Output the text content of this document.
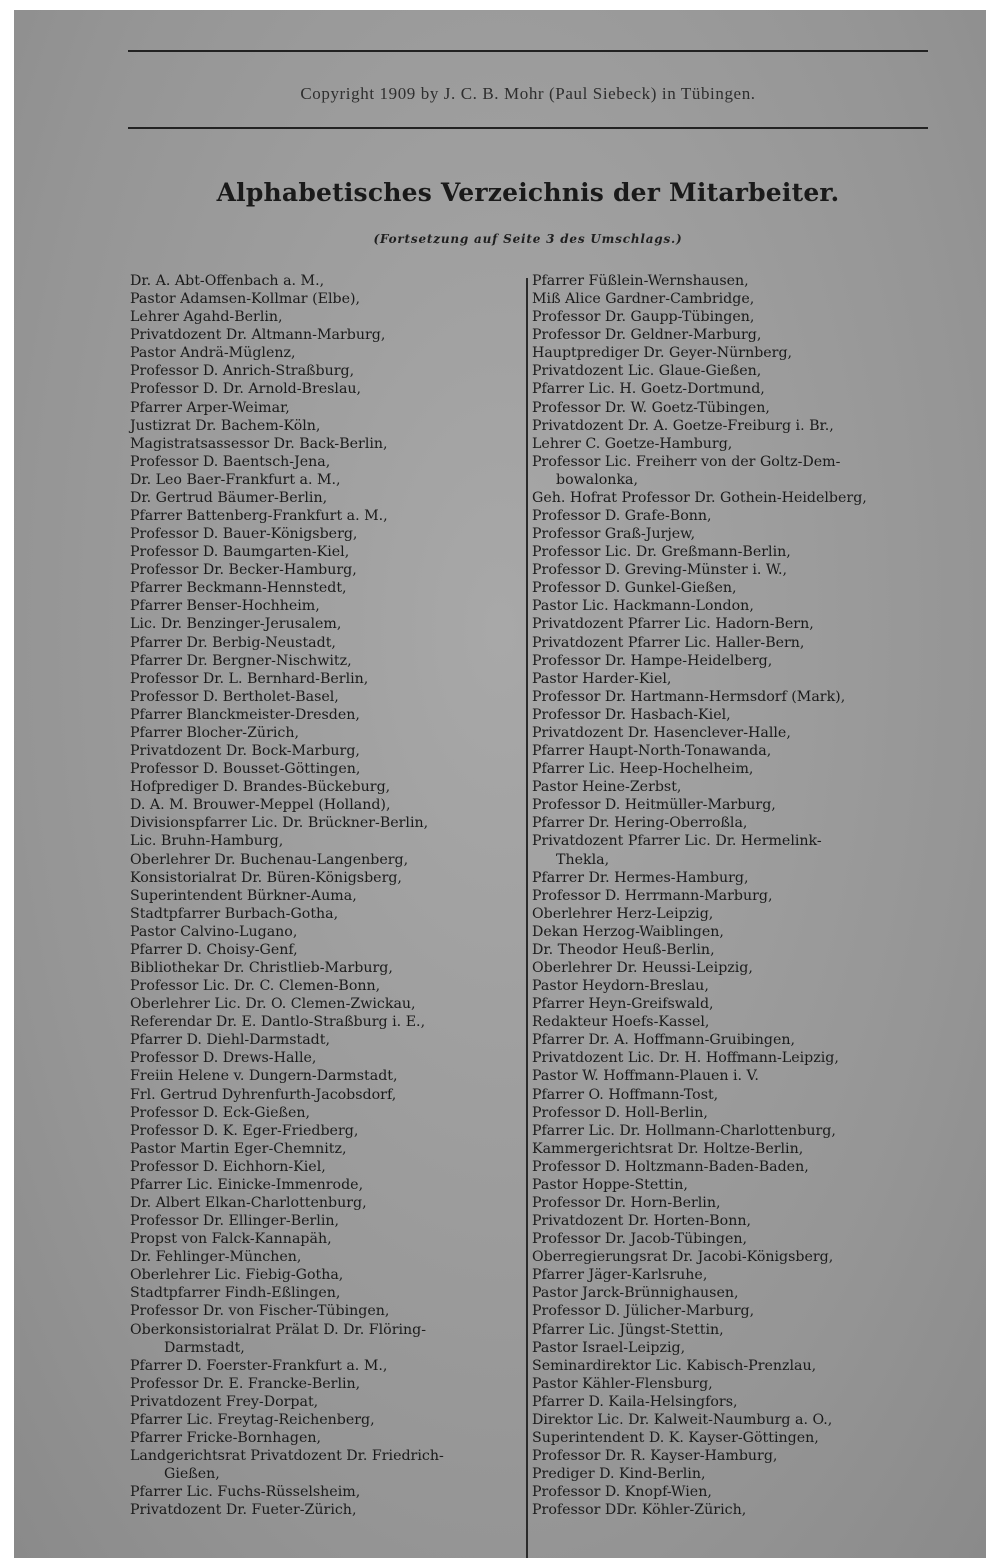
Copyright 1909 by J. C. B. Mohr (Paul Siebeck) in Tübingen.
Alphabetisches Verzeichnis der Mitarbeiter.
(Fortsetzung auf Seite 3 des Umschlags.)
Dr. A. Abt-Offenbach a. M.,
Pastor Adamsen-Kollmar (Elbe),
Lehrer Agahd-Berlin,
Privatdozent Dr. Altmann-Marburg,
Pastor Andrä-Müglenz,
Professor D. Anrich-Straßburg,
Professor D. Dr. Arnold-Breslau,
Pfarrer Arper-Weimar,
Justizrat Dr. Bachem-Köln,
Magistratsassessor Dr. Back-Berlin,
Professor D. Baentsch-Jena,
Dr. Leo Baer-Frankfurt a. M.,
Dr. Gertrud Bäumer-Berlin,
Pfarrer Battenberg-Frankfurt a. M.,
Professor D. Bauer-Königsberg,
Professor D. Baumgarten-Kiel,
Professor Dr. Becker-Hamburg,
Pfarrer Beckmann-Hennstedt,
Pfarrer Benser-Hochheim,
Lic. Dr. Benzinger-Jerusalem,
Pfarrer Dr. Berbig-Neustadt,
Pfarrer Dr. Bergner-Nischwitz,
Professor Dr. L. Bernhard-Berlin,
Professor D. Bertholet-Basel,
Pfarrer Blanckmeister-Dresden,
Pfarrer Blocher-Zürich,
Privatdozent Dr. Bock-Marburg,
Professor D. Bousset-Göttingen,
Hofprediger D. Brandes-Bückeburg,
D. A. M. Brouwer-Meppel (Holland),
Divisionspfarrer Lic. Dr. Brückner-Berlin,
Lic. Bruhn-Hamburg,
Oberlehrer Dr. Buchenau-Langenberg,
Konsistorialrat Dr. Büren-Königsberg,
Superintendent Bürkner-Auma,
Stadtpfarrer Burbach-Gotha,
Pastor Calvino-Lugano,
Pfarrer D. Choisy-Genf,
Bibliothekar Dr. Christlieb-Marburg,
Professor Lic. Dr. C. Clemen-Bonn,
Oberlehrer Lic. Dr. O. Clemen-Zwickau,
Referendar Dr. E. Dantlo-Straßburg i. E.,
Pfarrer D. Diehl-Darmstadt,
Professor D. Drews-Halle,
Freiin Helene v. Dungern-Darmstadt,
Frl. Gertrud Dyhrenfurth-Jacobsdorf,
Professor D. Eck-Gießen,
Professor D. K. Eger-Friedberg,
Pastor Martin Eger-Chemnitz,
Professor D. Eichhorn-Kiel,
Pfarrer Lic. Einicke-Immenrode,
Dr. Albert Elkan-Charlottenburg,
Professor Dr. Ellinger-Berlin,
Propst von Falck-Kannapäh,
Dr. Fehlinger-München,
Oberlehrer Lic. Fiebig-Gotha,
Stadtpfarrer Findh-Eßlingen,
Professor Dr. von Fischer-Tübingen,
Oberkonsistorialrat Prälat D. Dr. Flöring-
Darmstadt,
Pfarrer D. Foerster-Frankfurt a. M.,
Professor Dr. E. Francke-Berlin,
Privatdozent Frey-Dorpat,
Pfarrer Lic. Freytag-Reichenberg,
Pfarrer Fricke-Bornhagen,
Landgerichtsrat Privatdozent Dr. Friedrich-
Gießen,
Pfarrer Lic. Fuchs-Rüsselsheim,
Privatdozent Dr. Fueter-Zürich,
Pfarrer Füßlein-Wernshausen,
Miß Alice Gardner-Cambridge,
Professor Dr. Gaupp-Tübingen,
Professor Dr. Geldner-Marburg,
Hauptprediger Dr. Geyer-Nürnberg,
Privatdozent Lic. Glaue-Gießen,
Pfarrer Lic. H. Goetz-Dortmund,
Professor Dr. W. Goetz-Tübingen,
Privatdozent Dr. A. Goetze-Freiburg i. Br.,
Lehrer C. Goetze-Hamburg,
Professor Lic. Freiherr von der Goltz-Dem-
bowalonka,
Geh. Hofrat Professor Dr. Gothein-Heidelberg,
Professor D. Grafe-Bonn,
Professor Graß-Jurjew,
Professor Lic. Dr. Greßmann-Berlin,
Professor D. Greving-Münster i. W.,
Professor D. Gunkel-Gießen,
Pastor Lic. Hackmann-London,
Privatdozent Pfarrer Lic. Hadorn-Bern,
Privatdozent Pfarrer Lic. Haller-Bern,
Professor Dr. Hampe-Heidelberg,
Pastor Harder-Kiel,
Professor Dr. Hartmann-Hermsdorf (Mark),
Professor Dr. Hasbach-Kiel,
Privatdozent Dr. Hasenclever-Halle,
Pfarrer Haupt-North-Tonawanda,
Pfarrer Lic. Heep-Hochelheim,
Pastor Heine-Zerbst,
Professor D. Heitmüller-Marburg,
Pfarrer Dr. Hering-Oberroßla,
Privatdozent Pfarrer Lic. Dr. Hermelink-
Thekla,
Pfarrer Dr. Hermes-Hamburg,
Professor D. Herrmann-Marburg,
Oberlehrer Herz-Leipzig,
Dekan Herzog-Waiblingen,
Dr. Theodor Heuß-Berlin,
Oberlehrer Dr. Heussi-Leipzig,
Pastor Heydorn-Breslau,
Pfarrer Heyn-Greifswald,
Redakteur Hoefs-Kassel,
Pfarrer Dr. A. Hoffmann-Gruibingen,
Privatdozent Lic. Dr. H. Hoffmann-Leipzig,
Pastor W. Hoffmann-Plauen i. V.
Pfarrer O. Hoffmann-Tost,
Professor D. Holl-Berlin,
Pfarrer Lic. Dr. Hollmann-Charlottenburg,
Kammergerichtsrat Dr. Holtze-Berlin,
Professor D. Holtzmann-Baden-Baden,
Pastor Hoppe-Stettin,
Professor Dr. Horn-Berlin,
Privatdozent Dr. Horten-Bonn,
Professor Dr. Jacob-Tübingen,
Oberregierungsrat Dr. Jacobi-Königsberg,
Pfarrer Jäger-Karlsruhe,
Pastor Jarck-Brünnighausen,
Professor D. Jülicher-Marburg,
Pfarrer Lic. Jüngst-Stettin,
Pastor Israel-Leipzig,
Seminardirektor Lic. Kabisch-Prenzlau,
Pastor Kähler-Flensburg,
Pfarrer D. Kaila-Helsingfors,
Direktor Lic. Dr. Kalweit-Naumburg a. O.,
Superintendent D. K. Kayser-Göttingen,
Professor Dr. R. Kayser-Hamburg,
Prediger D. Kind-Berlin,
Professor D. Knopf-Wien,
Professor DDr. Köhler-Zürich,
